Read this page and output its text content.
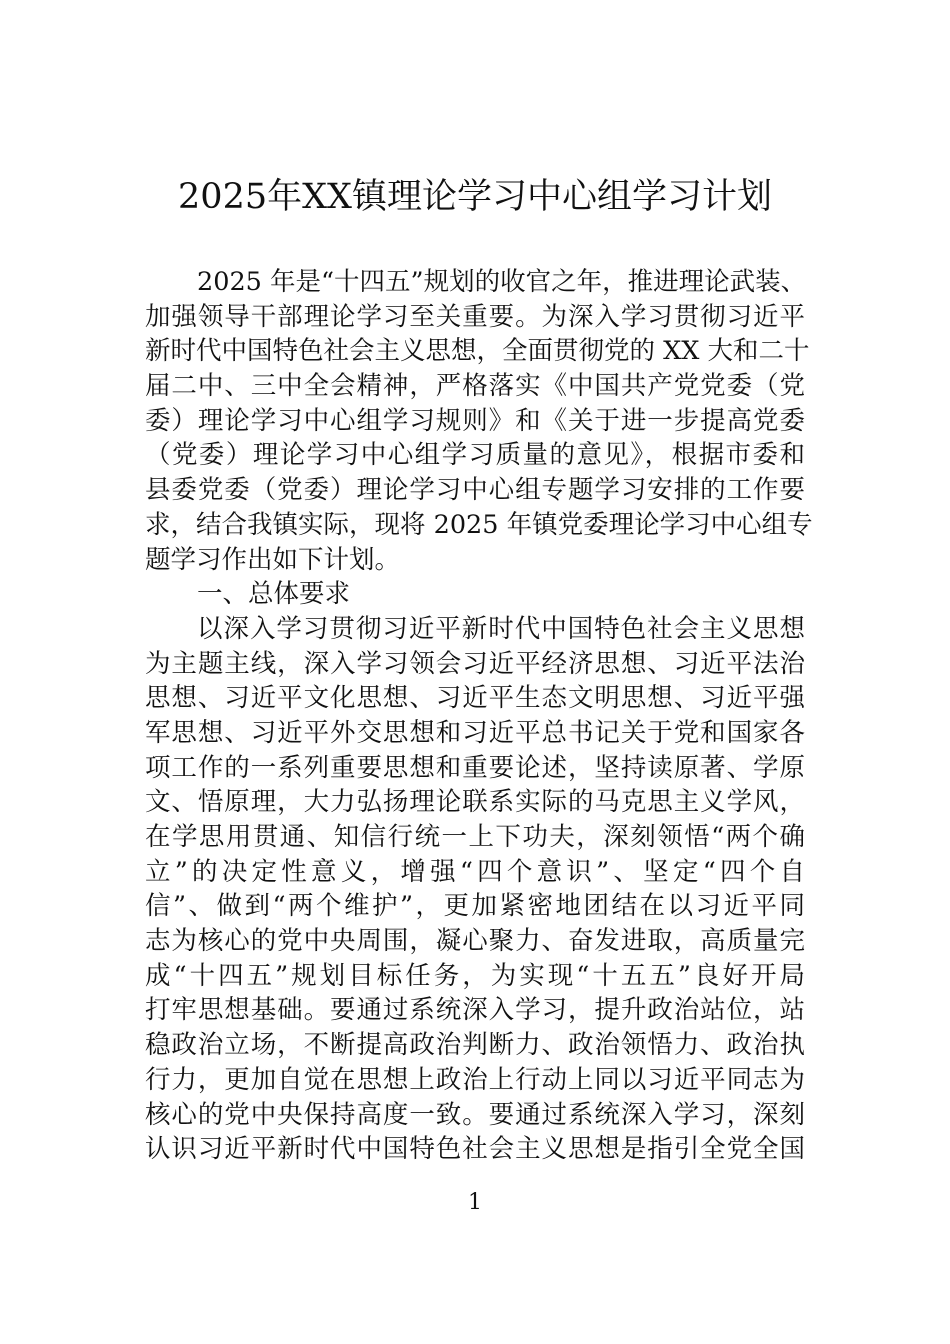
2025年XX镇理论学习中心组学习计划
2025 年是“十四五”规划的收官之年，推进理论武装、
加强领导干部理论学习至关重要。为深入学习贯彻习近平
新时代中国特色社会主义思想，全面贯彻党的 XX 大和二十
届二中、三中全会精神，严格落实《中国共产党党委（党
委）理论学习中心组学习规则》和《关于进一步提高党委
（党委）理论学习中心组学习质量的意见》，根据市委和
县委党委（党委）理论学习中心组专题学习安排的工作要
求，结合我镇实际，现将 2025 年镇党委理论学习中心组专
题学习作出如下计划。
一、总体要求
以深入学习贯彻习近平新时代中国特色社会主义思想
为主题主线，深入学习领会习近平经济思想、习近平法治
思想、习近平文化思想、习近平生态文明思想、习近平强
军思想、习近平外交思想和习近平总书记关于党和国家各
项工作的一系列重要思想和重要论述，坚持读原著、学原
文、悟原理，大力弘扬理论联系实际的马克思主义学风，
在学思用贯通、知信行统一上下功夫，深刻领悟“两个确
立”的决定性意义，增强“四个意识”、坚定“四个自
信”、做到“两个维护”，更加紧密地团结在以习近平同
志为核心的党中央周围，凝心聚力、奋发进取，高质量完
成“十四五”规划目标任务，为实现“十五五”良好开局
打牢思想基础。要通过系统深入学习，提升政治站位，站
稳政治立场，不断提高政治判断力、政治领悟力、政治执
行力，更加自觉在思想上政治上行动上同以习近平同志为
核心的党中央保持高度一致。要通过系统深入学习，深刻
认识习近平新时代中国特色社会主义思想是指引全党全国
1
